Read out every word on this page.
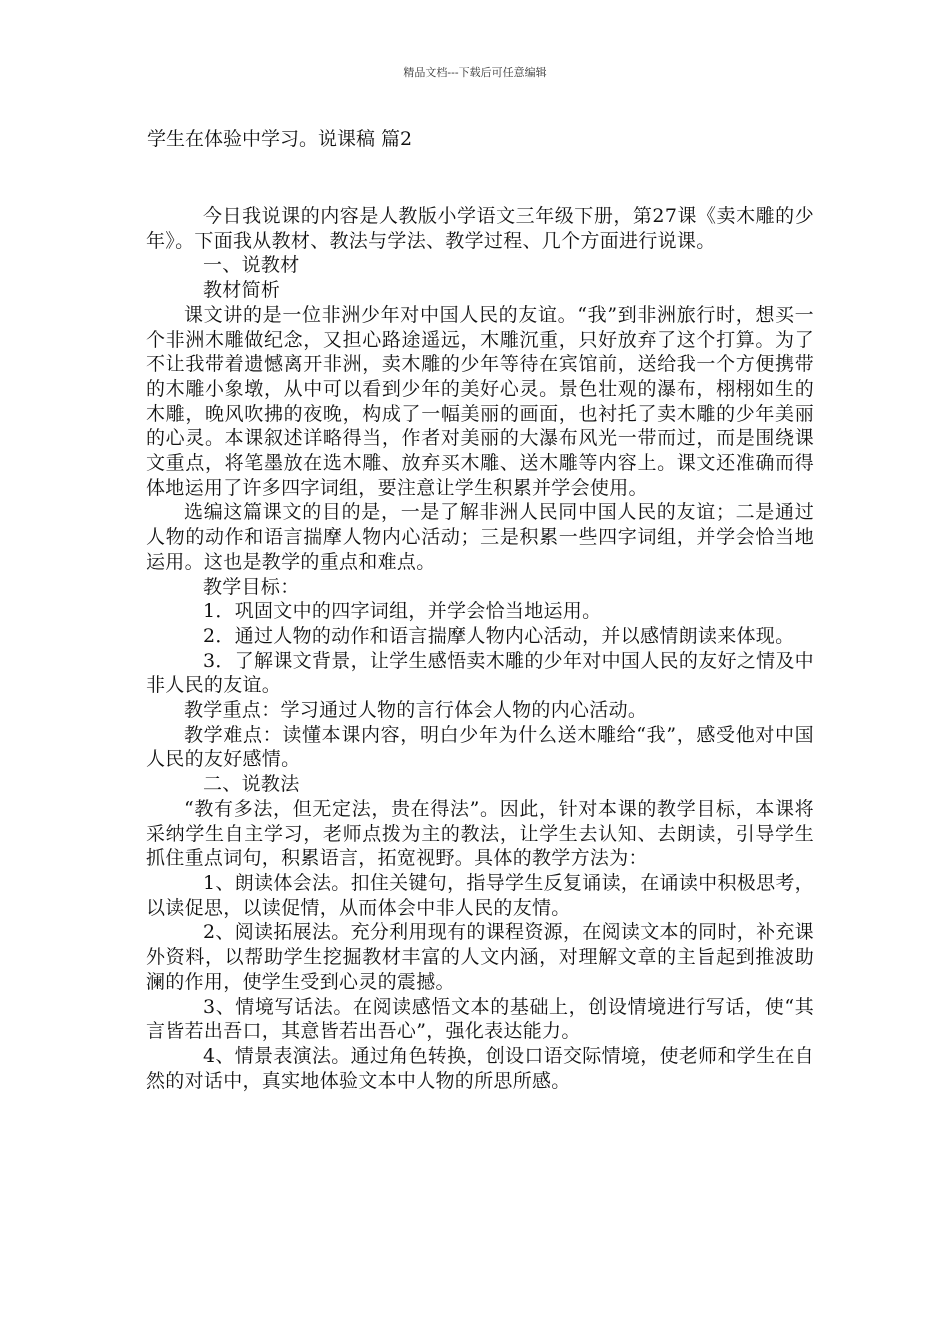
精品文档---下载后可任意编辑
学生在体验中学习。说课稿 篇2

今日我说课的内容是人教版小学语文三年级下册，第27课《卖木雕的少年》。下面我从教材、教法与学法、教学过程、几个方面进行说课。

一、说教材

教材简析

课文讲的是一位非洲少年对中国人民的友谊。“我”到非洲旅行时，想买一个非洲木雕做纪念，又担心路途遥远，木雕沉重，只好放弃了这个打算。为了不让我带着遗憾离开非洲，卖木雕的少年等待在宾馆前，送给我一个方便携带的木雕小象墩，从中可以看到少年的美好心灵。景色壮观的瀑布，栩栩如生的木雕，晚风吹拂的夜晚，构成了一幅美丽的画面，也衬托了卖木雕的少年美丽的心灵。本课叙述详略得当，作者对美丽的大瀑布风光一带而过，而是围绕课文重点，将笔墨放在选木雕、放弃买木雕、送木雕等内容上。课文还准确而得体地运用了许多四字词组，要注意让学生积累并学会使用。

选编这篇课文的目的是，一是了解非洲人民同中国人民的友谊；二是通过人物的动作和语言揣摩人物内心活动；三是积累一些四字词组，并学会恰当地运用。这也是教学的重点和难点。

教学目标：

1．巩固文中的四字词组，并学会恰当地运用。

2．通过人物的动作和语言揣摩人物内心活动，并以感情朗读来体现。

3．了解课文背景，让学生感悟卖木雕的少年对中国人民的友好之情及中非人民的友谊。

教学重点：学习通过人物的言行体会人物的内心活动。

教学难点：读懂本课内容，明白少年为什么送木雕给“我”，感受他对中国人民的友好感情。

二、说教法

“教有多法，但无定法，贵在得法”。因此，针对本课的教学目标，本课将采纳学生自主学习，老师点拨为主的教法，让学生去认知、去朗读，引导学生抓住重点词句，积累语言，拓宽视野。具体的教学方法为：

1、朗读体会法。扣住关键句，指导学生反复诵读，在诵读中积极思考，以读促思，以读促情，从而体会中非人民的友情。

2、阅读拓展法。充分利用现有的课程资源，在阅读文本的同时，补充课外资料，以帮助学生挖掘教材丰富的人文内涵，对理解文章的主旨起到推波助澜的作用，使学生受到心灵的震撼。

3、情境写话法。在阅读感悟文本的基础上，创设情境进行写话，使“其言皆若出吾口，其意皆若出吾心”，强化表达能力。

4、情景表演法。通过角色转换，创设口语交际情境，使老师和学生在自然的对话中，真实地体验文本中人物的所思所感。
